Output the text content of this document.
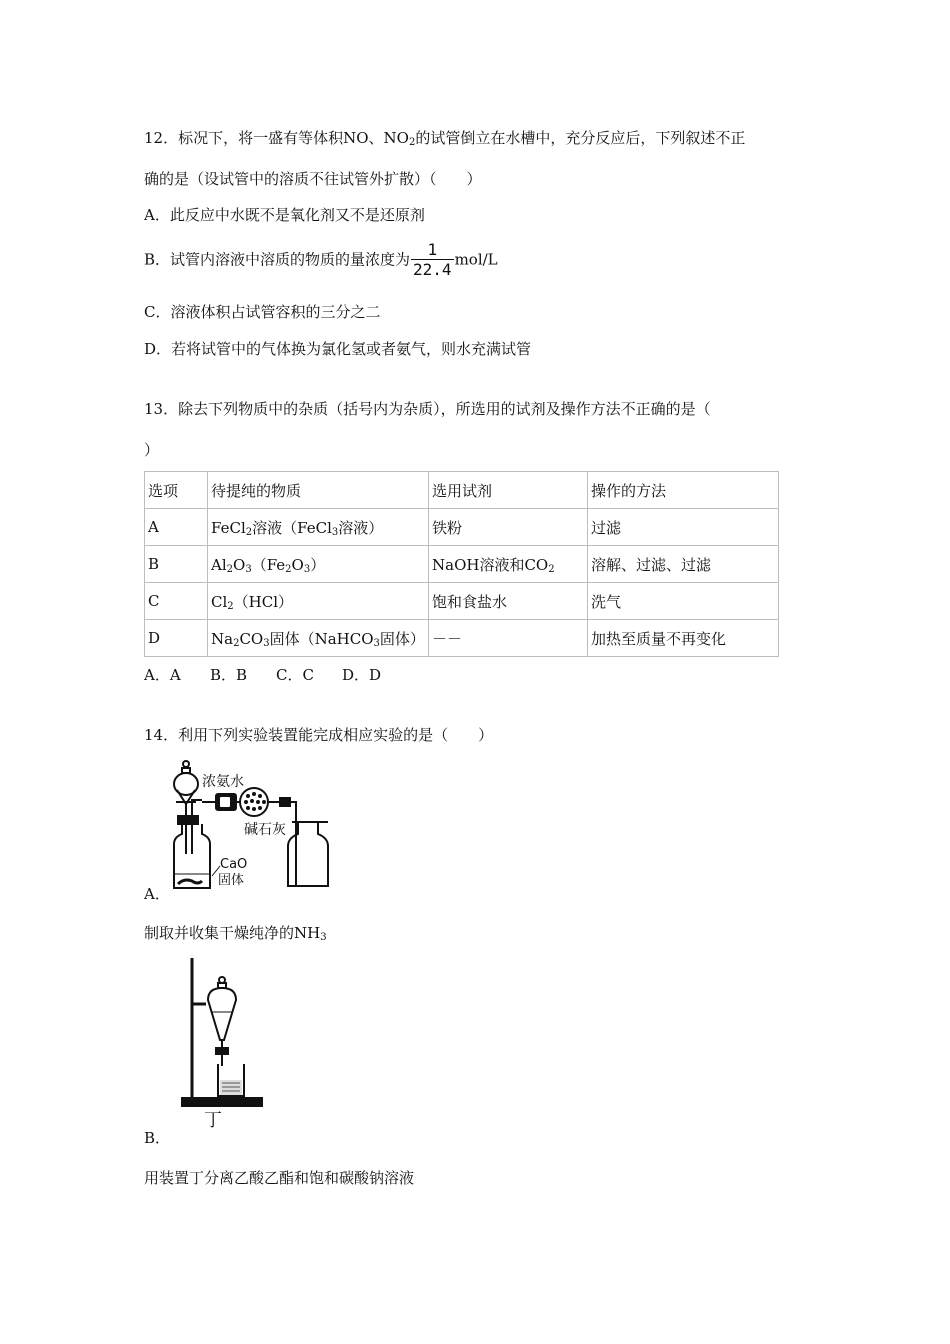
12．标况下，将一盛有等体积NO、$NO_2$的试管倒立在水槽中，充分反应后，下列叙述不正
确的是（设试管中的溶质不往试管外扩散）（　　）
A．此反应中水既不是氧化剂又不是还原剂
B．试管内溶液中溶质的物质的量浓度为 $\frac{1}{22.4} mol/L$
C．溶液体积占试管容积的三分之二
D．若将试管中的气体换为氯化氢或者氨气，则水充满试管
13．除去下列物质中的杂质（括号内为杂质），所选用的试剂及操作方法不正确的是（
）
选项	待提纯的物质	选用试剂	操作的方法
A	FeCl$_2$溶液（FeCl$_3$溶液）	铁粉	过滤
B	$Al_2O_3(Fe_2O_3)$	NaOH溶液和$CO_2$	溶解、过滤、过滤
C	$Cl_2(HCl)$	饱和食盐水	洗气
D	$Na_2CO_3$固体（NaHCO$_3$固体）	－－	加热至质量不再变化
A．A B．B C．C D．D
14．利用下列实验装置能完成相应实验的是（　　）
浓氨水
碱石灰
CaO
固体
A．
制取并收集干燥纯净的$NH_3$
丁
B．
用装置丁分离乙酸乙酯和饱和碳酸钠溶液
